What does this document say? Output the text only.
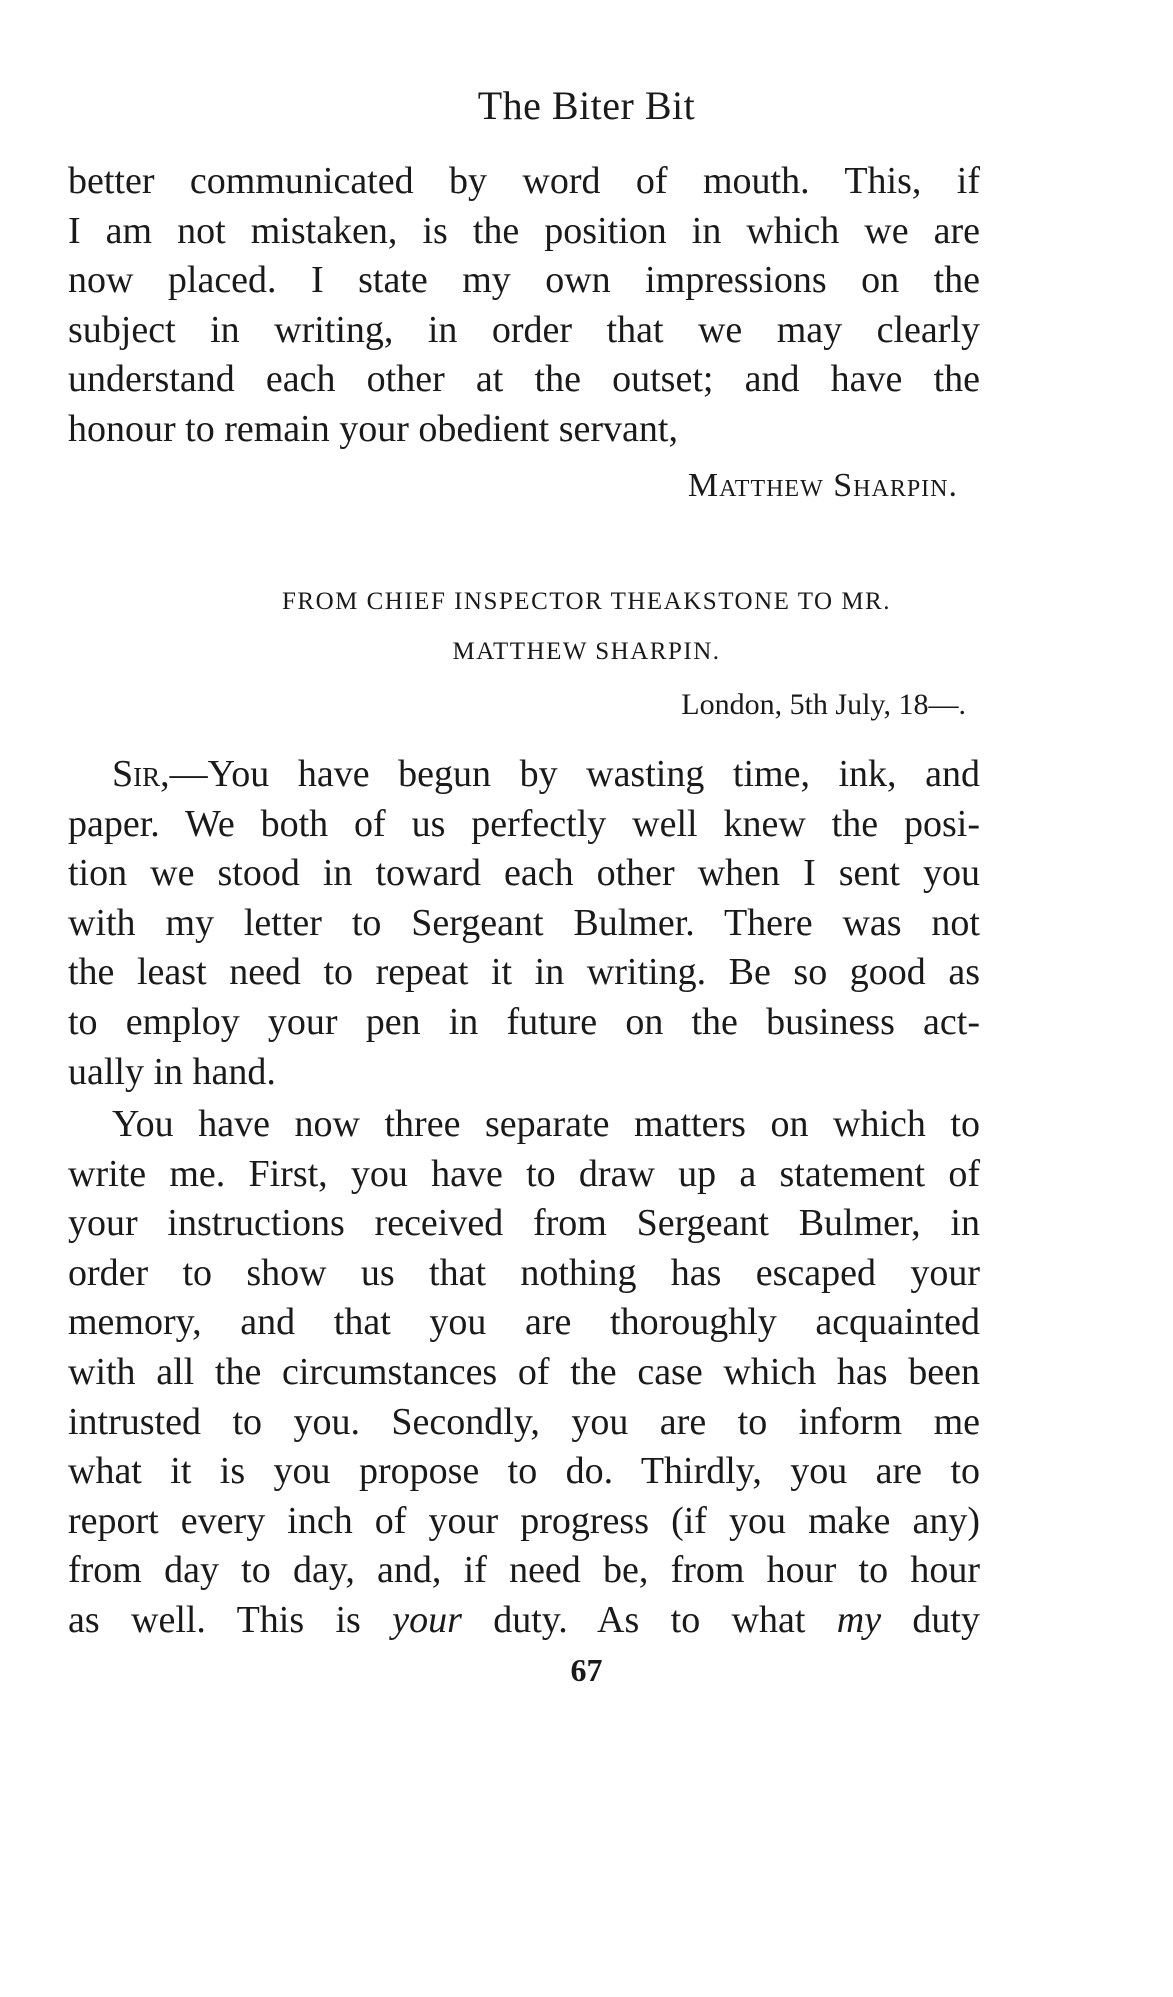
The Biter Bit
better communicated by word of mouth. This, if
I am not mistaken, is the position in which we are
now placed. I state my own impressions on the
subject in writing, in order that we may clearly
understand each other at the outset; and have the
honour to remain your obedient servant,
Matthew Sharpin.
FROM CHIEF INSPECTOR THEAKSTONE TO MR.
MATTHEW SHARPIN.
London, 5th July, 18—.
Sir,—You have begun by wasting time, ink, and
paper. We both of us perfectly well knew the posi-
tion we stood in toward each other when I sent you
with my letter to Sergeant Bulmer. There was not
the least need to repeat it in writing. Be so good as
to employ your pen in future on the business act-
ually in hand.
You have now three separate matters on which to
write me. First, you have to draw up a statement of
your instructions received from Sergeant Bulmer, in
order to show us that nothing has escaped your
memory, and that you are thoroughly acquainted
with all the circumstances of the case which has been
intrusted to you. Secondly, you are to inform me
what it is you propose to do. Thirdly, you are to
report every inch of your progress (if you make any)
from day to day, and, if need be, from hour to hour
as well. This is your duty. As to what my duty
67
